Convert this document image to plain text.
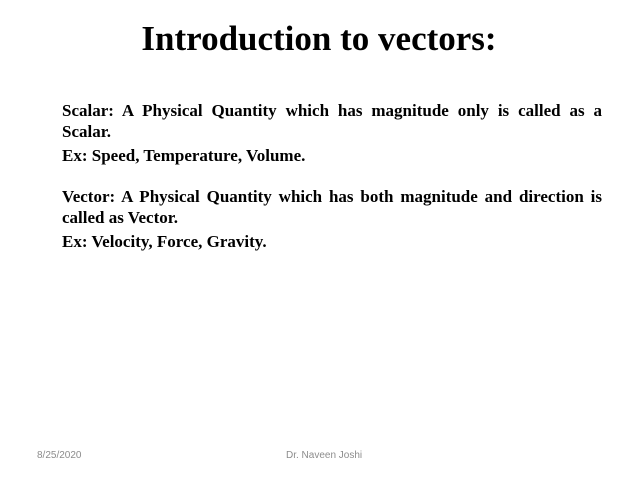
Introduction to vectors:

Scalar: A Physical Quantity which has magnitude only is called as a Scalar.

Ex: Speed, Temperature, Volume.

Vector: A Physical Quantity which has both magnitude and direction is called as Vector.

Ex: Velocity, Force, Gravity.

8/25/2020	Dr. Naveen Joshi
